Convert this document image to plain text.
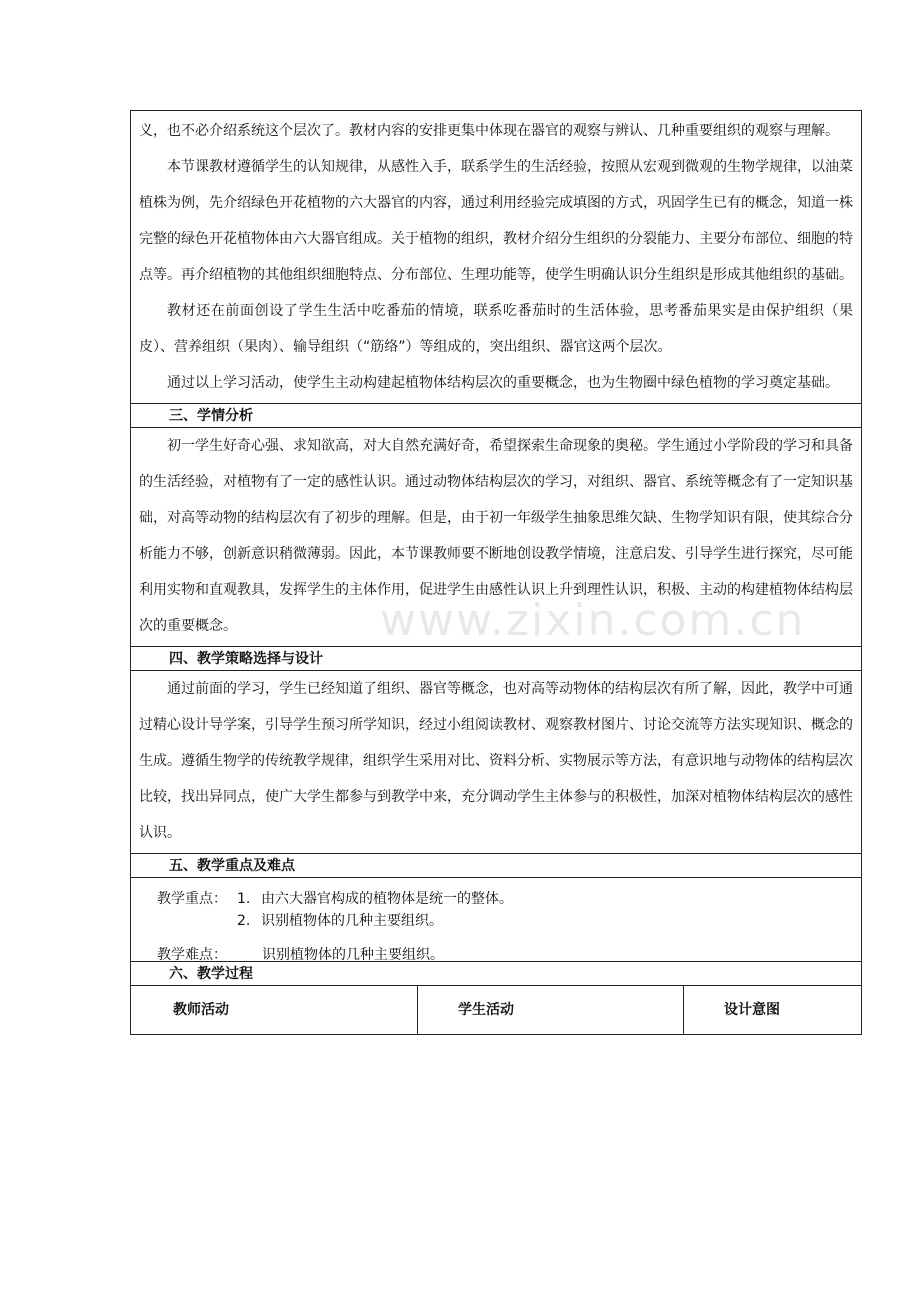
义，也不必介绍系统这个层次了。教材内容的安排更集中体现在器官的观察与辨认、几种重要组织的观察与理解。

本节课教材遵循学生的认知规律，从感性入手，联系学生的生活经验，按照从宏观到微观的生物学规律，以油菜植株为例，先介绍绿色开花植物的六大器官的内容，通过利用经验完成填图的方式，巩固学生已有的概念，知道一株完整的绿色开花植物体由六大器官组成。关于植物的组织，教材介绍分生组织的分裂能力、主要分布部位、细胞的特点等。再介绍植物的其他组织细胞特点、分布部位、生理功能等，使学生明确认识分生组织是形成其他组织的基础。

教材还在前面创设了学生生活中吃番茄的情境，联系吃番茄时的生活体验，思考番茄果实是由保护组织（果皮）、营养组织（果肉）、输导组织（“筋络”）等组成的，突出组织、器官这两个层次。

通过以上学习活动，使学生主动构建起植物体结构层次的重要概念，也为生物圈中绿色植物的学习奠定基础。

三、学情分析

初一学生好奇心强、求知欲高，对大自然充满好奇，希望探索生命现象的奥秘。学生通过小学阶段的学习和具备的生活经验，对植物有了一定的感性认识。通过动物体结构层次的学习，对组织、器官、系统等概念有了一定知识基础，对高等动物的结构层次有了初步的理解。但是，由于初一年级学生抽象思维欠缺、生物学知识有限，使其综合分析能力不够，创新意识稍微薄弱。因此，本节课教师要不断地创设教学情境，注意启发、引导学生进行探究，尽可能利用实物和直观教具，发挥学生的主体作用，促进学生由感性认识上升到理性认识，积极、主动的构建植物体结构层次的重要概念。

四、教学策略选择与设计

通过前面的学习，学生已经知道了组织、器官等概念，也对高等动物体的结构层次有所了解，因此，教学中可通过精心设计导学案，引导学生预习所学知识，经过小组阅读教材、观察教材图片、讨论交流等方法实现知识、概念的生成。遵循生物学的传统教学规律，组织学生采用对比、资料分析、实物展示等方法，有意识地与动物体的结构层次比较，找出异同点，使广大学生都参与到教学中来，充分调动学生主体参与的积极性，加深对植物体结构层次的感性认识。

五、教学重点及难点
教学重点： 1. 由六大器官构成的植物体是统一的整体。
2. 识别植物体的几种主要组织。
教学难点：	识别植物体的几种主要组织。
六、教学过程
教师活动	学生活动	设计意图
www.zixin.com.cn
